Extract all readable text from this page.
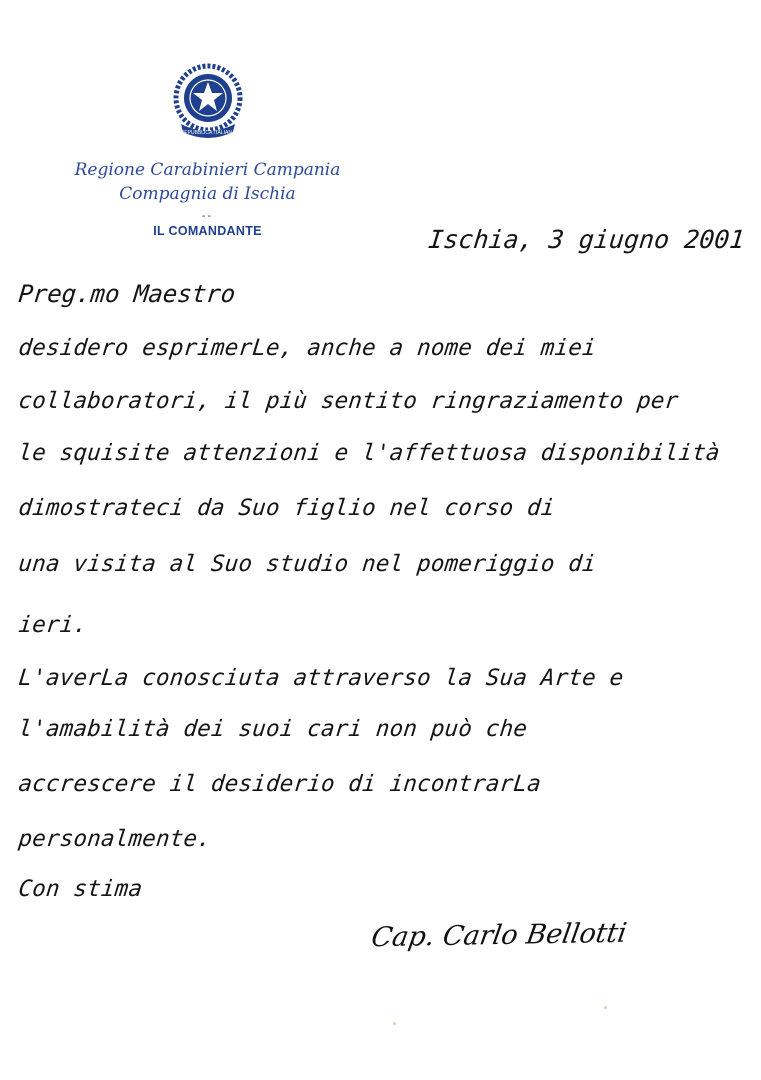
REPUBBLICA ITALIANA
Regione Carabinieri Campania
Compagnia di Ischia
--
IL COMANDANTE	Ischia, 3 giugno 2001
Preg.mo Maestro
desidero esprimerLe, anche a nome dei miei
collaboratori, il più sentito ringraziamento per
le squisite attenzioni e l'affettuosa disponibilità
dimostrateci da Suo figlio nel corso di
una visita al Suo studio nel pomeriggio di
ieri.
L'averLa conosciuta attraverso la Sua Arte e
l'amabilità dei suoi cari non può che
accrescere il desiderio di incontrarLa
personalmente.
Con stima
Cap. Carlo Bellotti
